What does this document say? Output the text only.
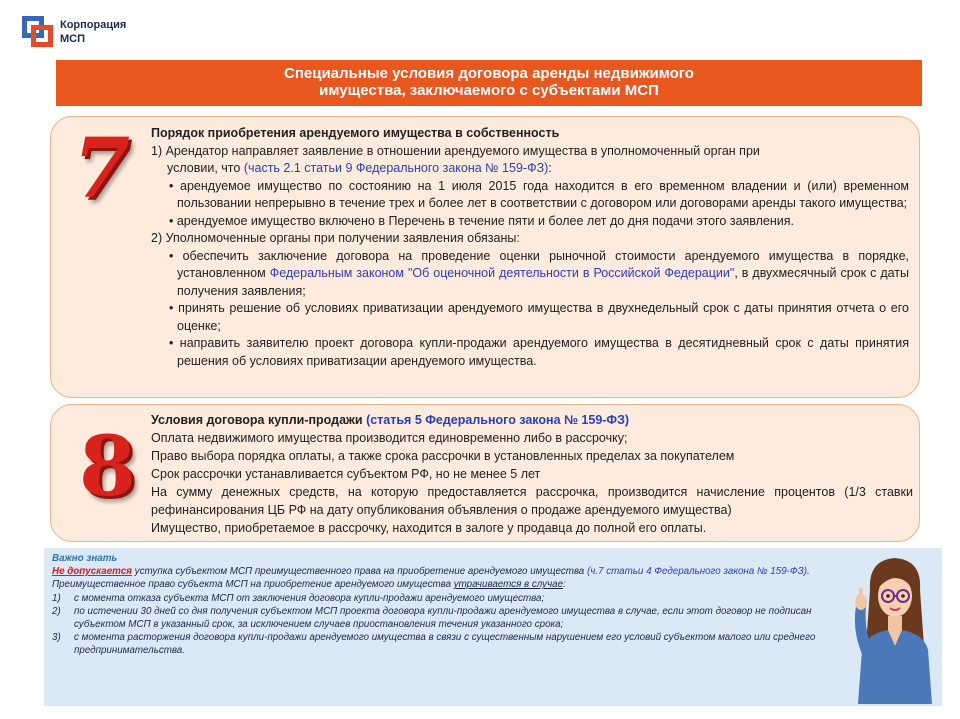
Корпорация
МСП
Специальные условия договора аренды недвижимого
имущества, заключаемого с субъектами МСП
7 Порядок приобретения арендуемого имущества в собственность

1) Арендатор направляет заявление в отношении арендуемого имущества в уполномоченный орган при

условии, что (часть 2.1 статьи 9 Федерального закона № 159-ФЗ):

• арендуемое имущество по состоянию на 1 июля 2015 года находится в его временном владении и (или) временном пользовании непрерывно в течение трех и более лет в соответствии с договором или договорами аренды такого имущества;

• арендуемое имущество включено в Перечень в течение пяти и более лет до дня подачи этого заявления.

2) Уполномоченные органы при получении заявления обязаны:

• обеспечить заключение договора на проведение оценки рыночной стоимости арендуемого имущества в порядке, установленном Федеральным законом "Об оценочной деятельности в Российской Федерации", в двухмесячный срок с даты получения заявления;

• принять решение об условиях приватизации арендуемого имущества в двухнедельный срок с даты принятия отчета о его оценке;

• направить заявителю проект договора купли-продажи арендуемого имущества в десятидневный срок с даты принятия решения об условиях приватизации арендуемого имущества.

8 Условия договора купли-продажи (статья 5 Федерального закона № 159-ФЗ)

Оплата недвижимого имущества производится единовременно либо в рассрочку;

Право выбора порядка оплаты, а также срока рассрочки в установленных пределах за покупателем

Срок рассрочки устанавливается субъектом РФ, но не менее 5 лет

На сумму денежных средств, на которую предоставляется рассрочка, производится начисление процентов (1/3 ставки рефинансирования ЦБ РФ на дату опубликования объявления о продаже арендуемого имущества)

Имущество, приобретаемое в рассрочку, находится в залоге у продавца до полной его оплаты.

Важно знать
Не допускается уступка субъектом МСП преимущественного права на приобретение арендуемого имущества (ч.7 статьи 4 Федерального закона № 159-ФЗ).
Преимущественное право субъекта МСП на приобретение арендуемого имущества утрачивается в случае:
1)	с момента отказа субъекта МСП от заключения договора купли-продажи арендуемого имущества;
2)	по истечении 30 дней со дня получения субъектом МСП проекта договора купли-продажи арендуемого имущества в случае, если этот договор не подписан субъектом МСП в указанный срок, за исключением случаев приостановления течения указанного срока;
3)	с момента расторжения договора купли-продажи арендуемого имущества в связи с существенным нарушением его условий субъектом малого или среднего предпринимательства.
